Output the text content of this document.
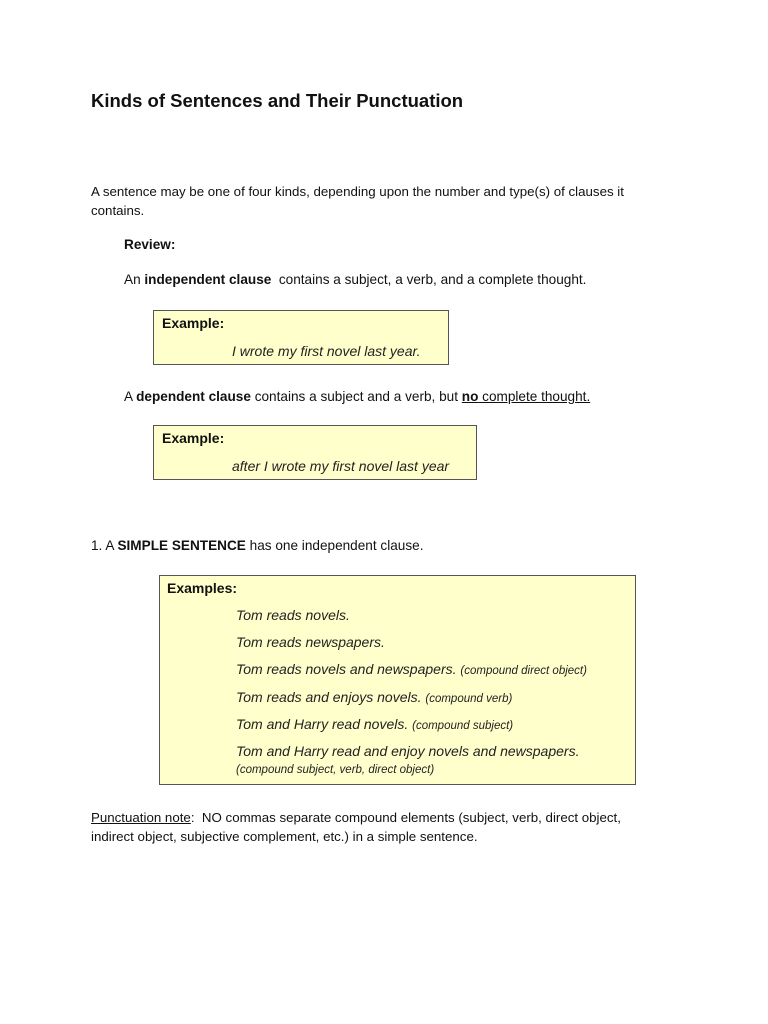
Kinds of Sentences and Their Punctuation

A sentence may be one of four kinds, depending upon the number and type(s) of clauses it contains.

Review:
An independent clause  contains a subject, a verb, and a complete thought.
Example:
I wrote my first novel last year.
A dependent clause contains a subject and a verb, but no complete thought.
Example:
after I wrote my first novel last year
1. A SIMPLE SENTENCE has one independent clause.
Examples:
Tom reads novels.
Tom reads newspapers.
Tom reads novels and newspapers. (compound direct object)
Tom reads and enjoys novels. (compound verb)
Tom and Harry read novels. (compound subject)
Tom and Harry read and enjoy novels and newspapers.
(compound subject, verb, direct object)

Punctuation note:  NO commas separate compound elements (subject, verb, direct object, indirect object, subjective complement, etc.) in a simple sentence.
